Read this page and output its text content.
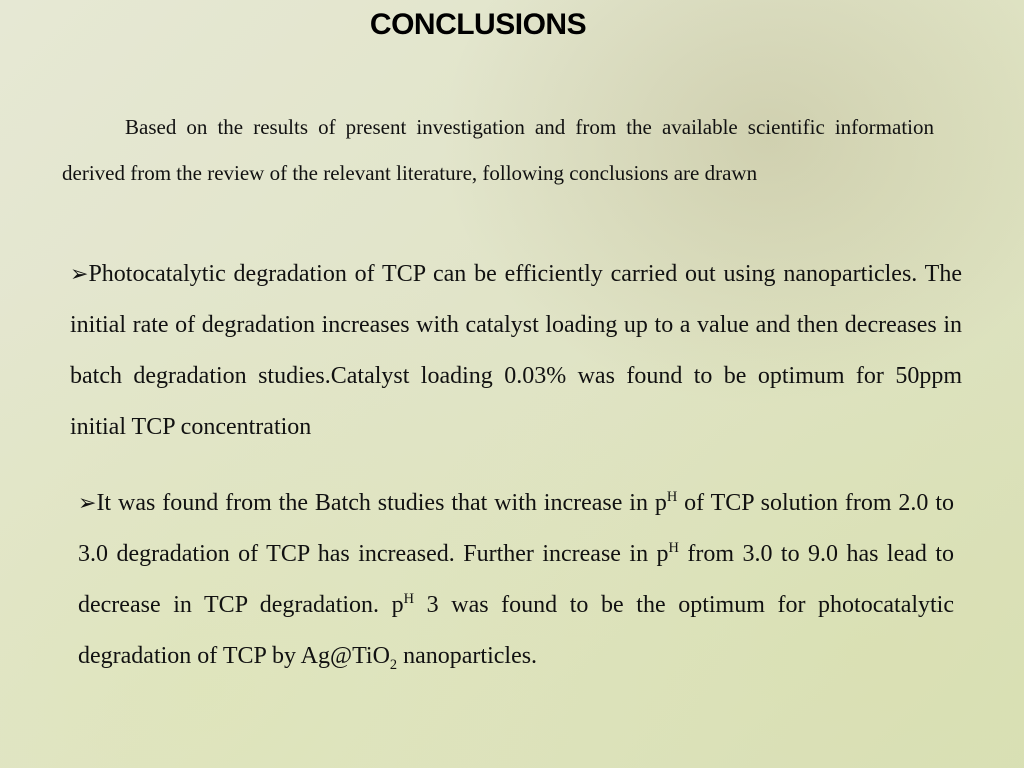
CONCLUSIONS

Based on the results of present investigation and from the available scientific information derived from the review of the relevant literature, following conclusions are drawn

➢Photocatalytic degradation of TCP can be efficiently carried out using nanoparticles. The initial rate of degradation increases with catalyst loading up to a value and then decreases in batch degradation studies.Catalyst loading 0.03% was found to be optimum for 50ppm initial TCP concentration
➢It was found from the Batch studies that with increase in $p^H$ of TCP solution from 2.0 to 3.0 degradation of TCP has increased. Further increase in $p^H$ from 3.0 to 9.0 has lead to decrease in TCP degradation. $p^H$ 3 was found to be the optimum for photocatalytic degradation of TCP by Ag@TiO$_2$ nanoparticles.
